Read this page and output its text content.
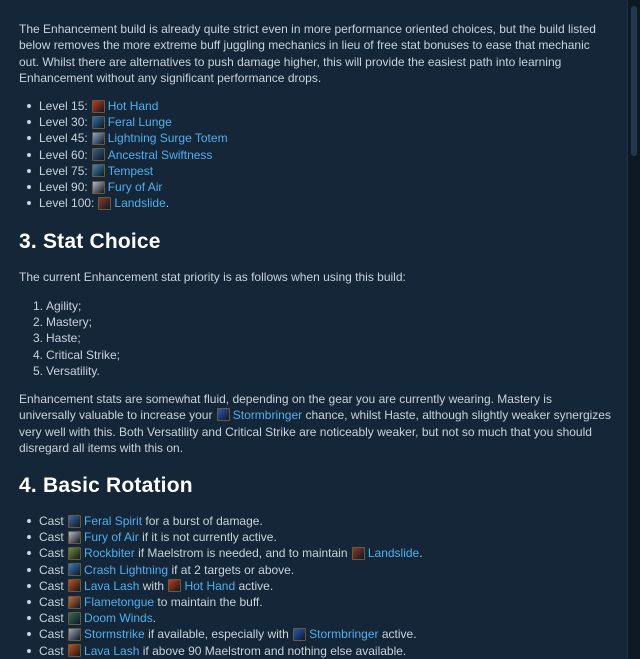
The Enhancement build is already quite strict even in more performance oriented choices, but the build listed below removes the more extreme buff juggling mechanics in lieu of free stat bonuses to ease that mechanic out. Whilst there are alternatives to push damage higher, this will provide the easiest path into learning Enhancement without any significant performance drops.

Level 15: Hot Hand
Level 30: Feral Lunge
Level 45: Lightning Surge Totem
Level 60: Ancestral Swiftness
Level 75: Tempest
Level 90: Fury of Air
Level 100: Landslide .
3. Stat Choice

The current Enhancement stat priority is as follows when using this build:

1. Agility;
2. Mastery;
3. Haste;
4. Critical Strike;
5. Versatility.

Enhancement stats are somewhat fluid, depending on the gear you are currently wearing. Mastery is universally valuable to increase your Stormbringer chance, whilst Haste, although slightly weaker synergizes very well with this. Both Versatility and Critical Strike are noticeably weaker, but not so much that you should disregard all items with this on.

4. Basic Rotation
Cast
Feral Spirit
for a burst of damage.
Cast
Fury of Air
if it is not currently active.
Cast
Rockbiter
if Maelstrom is needed, and to maintain
Landslide .
Cast
Crash Lightning
if at 2 targets or above.
Cast
Lava Lash
with
Hot Hand
active.
Cast
Flametongue
to maintain the buff.
Cast
Doom Winds .
Cast
Stormstrike
if available, especially with
Stormbringer
active.
Cast
Lava Lash
if above 90 Maelstrom and nothing else available.
